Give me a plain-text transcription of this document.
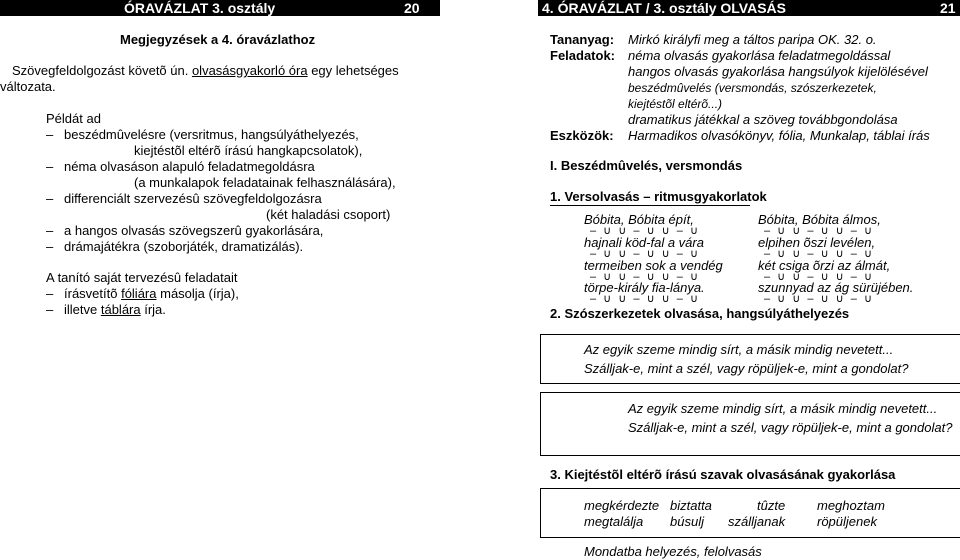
ÓRAVÁZLAT 3. osztály	20
Megjegyzések a 4. óravázlathoz
Szövegfeldolgozást követõ ún. olvasásgyakorló óra egy lehetséges
változata.
Példát ad
– beszédmûvelésre (versritmus, hangsúlyáthelyezés,
kiejtéstõl eltérõ írású hangkapcsolatok),
– néma olvasáson alapuló feladatmegoldásra
(a munkalapok feladatainak felhasználására),
– differenciált szervezésû szövegfeldolgozásra
(két haladási csoport)
– a hangos olvasás szövegszerû gyakorlására,
– drámajátékra (szoborjáték, dramatizálás).
A tanító saját tervezésû feladatait
– írásvetítõ fóliára másolja (írja),
– illetve táblára írja.
4. ÓRAVÁZLAT / 3. osztály OLVASÁS	21
Tananyag: Mirkó királyfi meg a táltos paripa OK. 32. o.
Feladatok: néma olvasás gyakorlása feladatmegoldással
hangos olvasás gyakorlása hangsúlyok kijelölésével
beszédmûvelés (versmondás, szószerkezetek,
kiejtéstõl eltérõ...)
dramatikus játékkal a szöveg továbbgondolása
Eszközök: Harmadikos olvasókönyv, fólia, Munkalap, táblai írás
I. Beszédmûvelés, versmondás
1. Versolvasás – ritmusgyakorlatok
Bóbita, Bóbita épít,
– ∪ ∪ – ∪ ∪ – ∪
hajnali köd-fal a vára
– ∪ ∪ – ∪ ∪ – ∪
termeiben sok a vendég
– ∪ ∪ – ∪ ∪ – ∪
törpe-király fia-lánya.
– ∪ ∪ – ∪ ∪ – ∪
Bóbita, Bóbita álmos,
– ∪ ∪ – ∪ ∪ – ∪
elpihen õszi levélen,
– ∪ ∪ – ∪ ∪ – ∪
két csiga õrzi az álmát,
– ∪ ∪ – ∪ ∪ – ∪
szunnyad az ág sürüjében.
– ∪ ∪ – ∪ ∪ – ∪
2. Szószerkezetek olvasása, hangsúlyáthelyezés
Az egyik szeme mindig sírt, a másik mindig nevetett...
Szálljak-e, mint a szél, vagy röpüljek-e, mint a gondolat?
Az egyik szeme mindig sírt, a másik mindig nevetett...
Szálljak-e, mint a szél, vagy röpüljek-e, mint a gondolat?
3. Kiejtéstõl eltérõ írású szavak olvasásának gyakorlása
megkérdezte biztatta	tûzte meghoztam
megtalálja búsulj szálljanak röpüljenek
Mondatba helyezés, felolvasás
